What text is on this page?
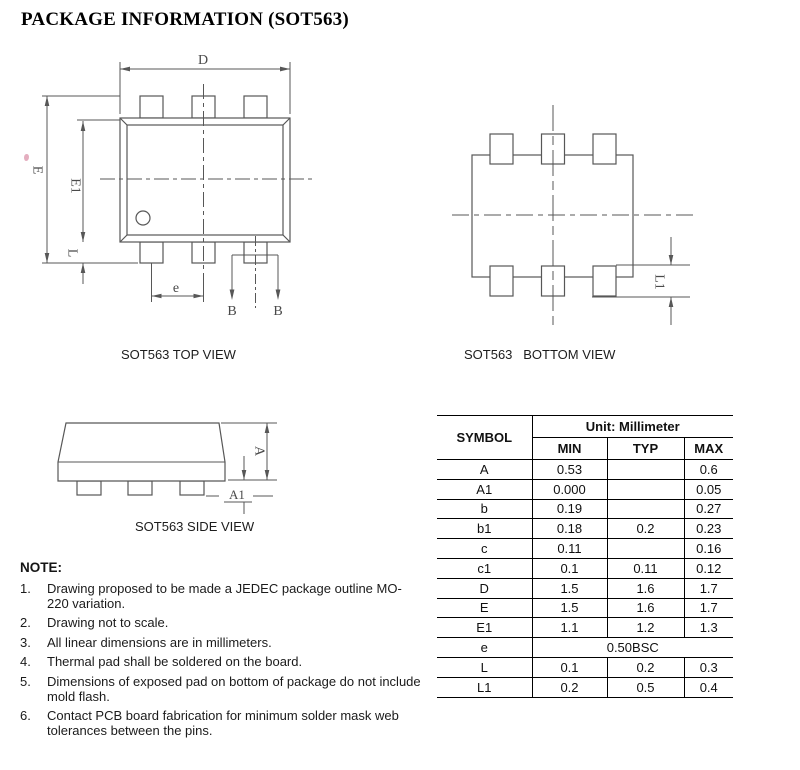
PACKAGE INFORMATION (SOT563)
D
E
E1
L
e
B	B
L1
A
A1
SOT563 TOP VIEW	SOT563   BOTTOM VIEW
SOT563 SIDE VIEW
SYMBOL	Unit: Millimeter		
	MIN	TYP	MAX
A	0.53		0.6
A1	0.000		0.05
b	0.19		0.27
b1	0.18	0.2	0.23
c	0.11		0.16
c1	0.1	0.11	0.12
D	1.5	1.6	1.7
E	1.5	1.6	1.7
E1	1.1	1.2	1.3
e	0.50BSC		
L	0.1	0.2	0.3
L1	0.2	0.5	0.4
NOTE:
1.	Drawing proposed to be made a JEDEC package outline MO-220 variation.
2.	Drawing not to scale.
3.	All linear dimensions are in millimeters.
4.	Thermal pad shall be soldered on the board.
5.	Dimensions of exposed pad on bottom of package do not include mold flash.
6.	Contact PCB board fabrication for minimum solder mask web tolerances between the pins.
